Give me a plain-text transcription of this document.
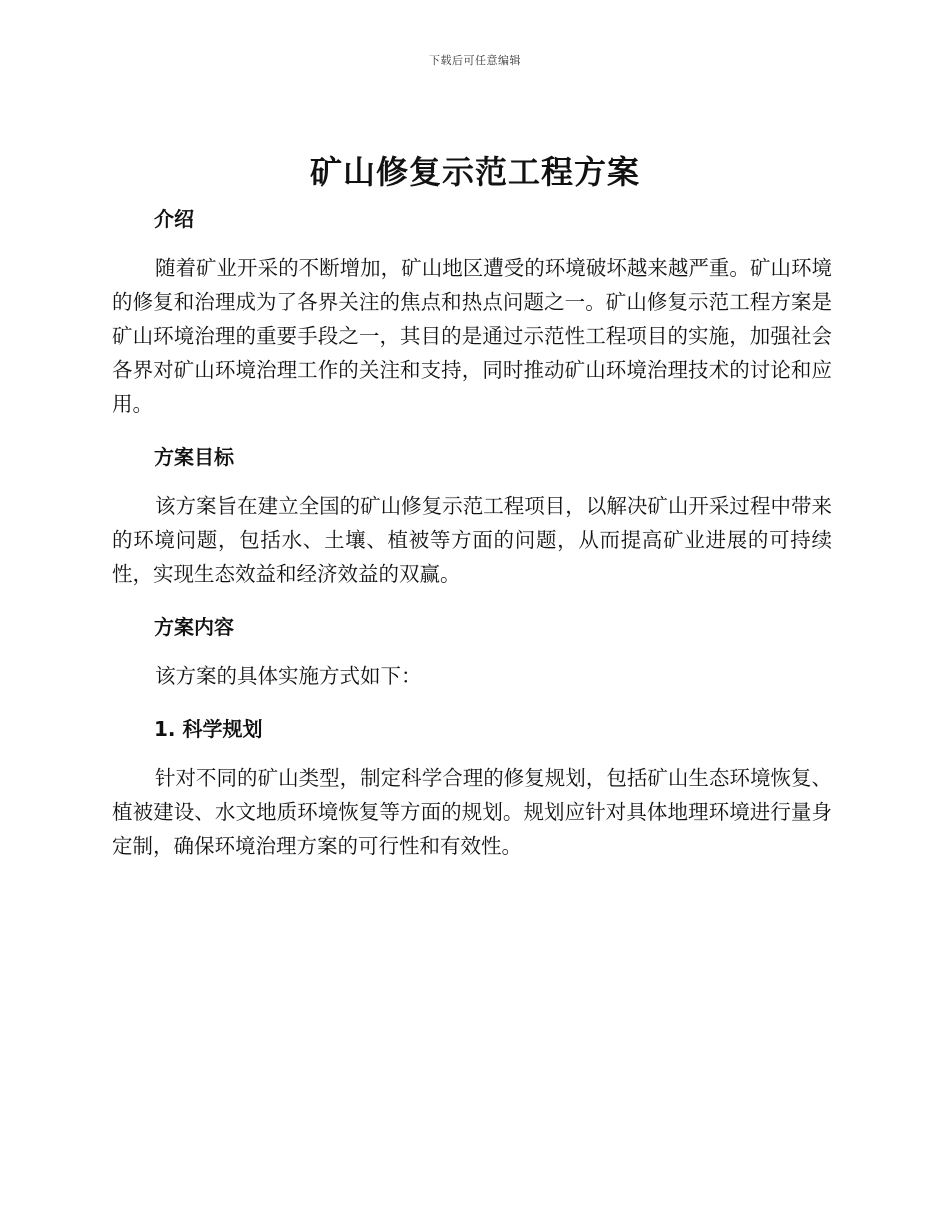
下载后可任意编辑
矿山修复示范工程方案
介绍

随着矿业开采的不断增加，矿山地区遭受的环境破坏越来越严重。矿山环境的修复和治理成为了各界关注的焦点和热点问题之一。矿山修复示范工程方案是矿山环境治理的重要手段之一，其目的是通过示范性工程项目的实施，加强社会各界对矿山环境治理工作的关注和支持，同时推动矿山环境治理技术的讨论和应用。

方案目标

该方案旨在建立全国的矿山修复示范工程项目，以解决矿山开采过程中带来的环境问题，包括水、土壤、植被等方面的问题，从而提高矿业进展的可持续性，实现生态效益和经济效益的双赢。

方案内容

该方案的具体实施方式如下：

1. 科学规划

针对不同的矿山类型，制定科学合理的修复规划，包括矿山生态环境恢复、植被建设、水文地质环境恢复等方面的规划。规划应针对具体地理环境进行量身定制，确保环境治理方案的可行性和有效性。
